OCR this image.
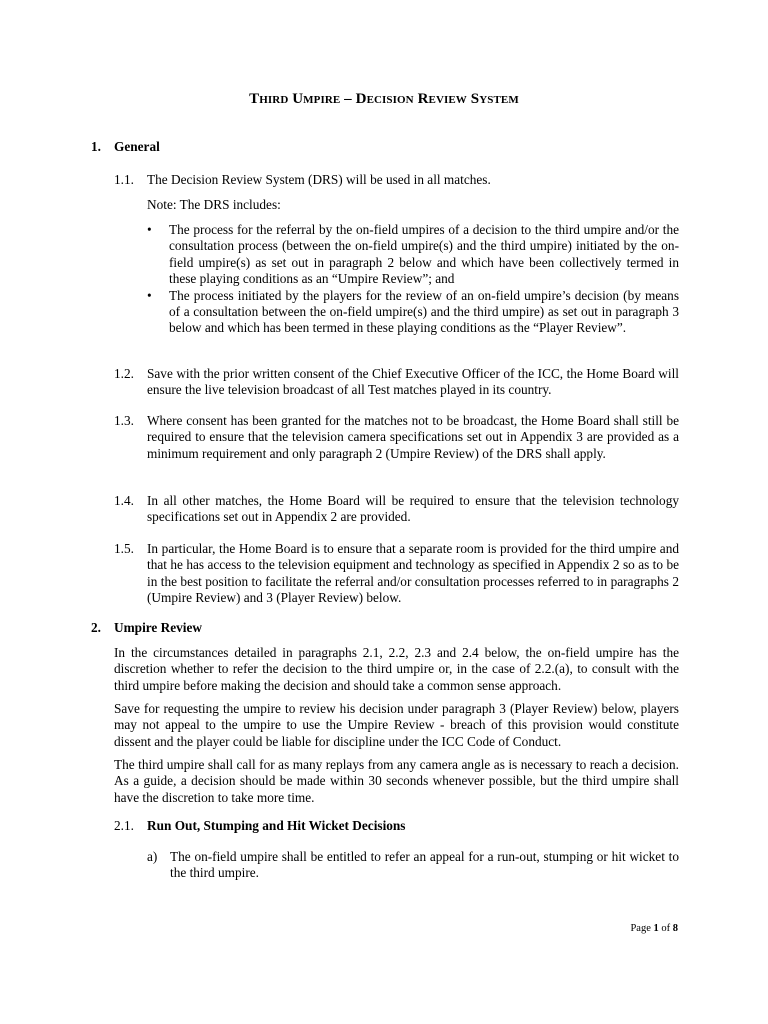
Third Umpire – Decision Review System
1. General
1.1. The Decision Review System (DRS) will be used in all matches.
Note: The DRS includes:
• The process for the referral by the on-field umpires of a decision to the third umpire and/or the consultation process (between the on-field umpire(s) and the third umpire) initiated by the on-field umpire(s) as set out in paragraph 2 below and which have been collectively termed in these playing conditions as an “Umpire Review”; and
• The process initiated by the players for the review of an on-field umpire’s decision (by means of a consultation between the on-field umpire(s) and the third umpire) as set out in paragraph 3 below and which has been termed in these playing conditions as the “Player Review”.
1.2. Save with the prior written consent of the Chief Executive Officer of the ICC, the Home Board will ensure the live television broadcast of all Test matches played in its country.
1.3. Where consent has been granted for the matches not to be broadcast, the Home Board shall still be required to ensure that the television camera specifications set out in Appendix 3 are provided as a minimum requirement and only paragraph 2 (Umpire Review) of the DRS shall apply.
1.4. In all other matches, the Home Board will be required to ensure that the television technology specifications set out in Appendix 2 are provided.
1.5. In particular, the Home Board is to ensure that a separate room is provided for the third umpire and that he has access to the television equipment and technology as specified in Appendix 2 so as to be in the best position to facilitate the referral and/or consultation processes referred to in paragraphs 2 (Umpire Review) and 3 (Player Review) below.
2. Umpire Review
In the circumstances detailed in paragraphs 2.1, 2.2, 2.3 and 2.4 below, the on-field umpire has the discretion whether to refer the decision to the third umpire or, in the case of 2.2.(a), to consult with the third umpire before making the decision and should take a common sense approach.
Save for requesting the umpire to review his decision under paragraph 3 (Player Review) below, players may not appeal to the umpire to use the Umpire Review - breach of this provision would constitute dissent and the player could be liable for discipline under the ICC Code of Conduct.
The third umpire shall call for as many replays from any camera angle as is necessary to reach a decision. As a guide, a decision should be made within 30 seconds whenever possible, but the third umpire shall have the discretion to take more time.
2.1. Run Out, Stumping and Hit Wicket Decisions
a) The on-field umpire shall be entitled to refer an appeal for a run-out, stumping or hit wicket to the third umpire.
Page 1 of 8
